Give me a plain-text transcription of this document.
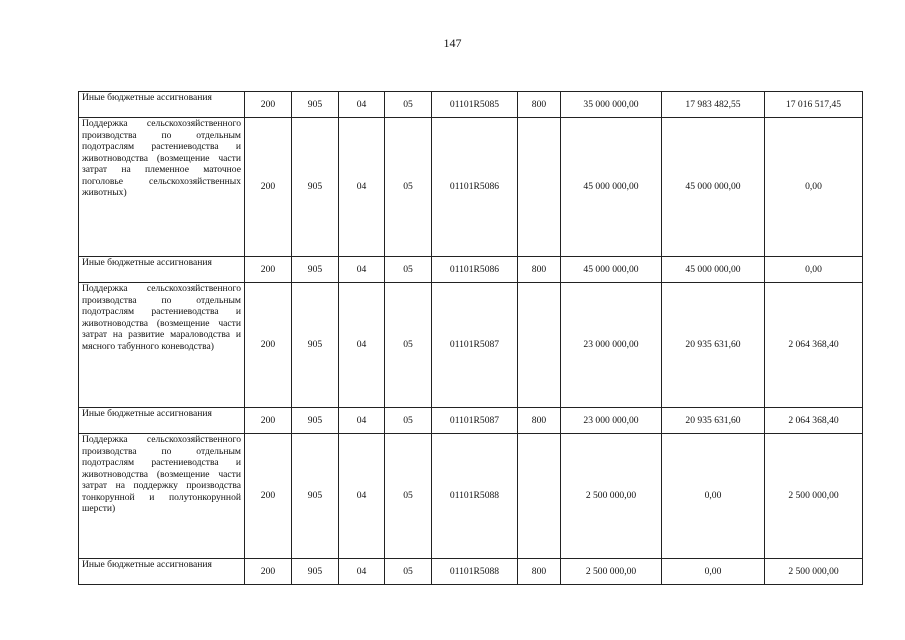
147
Иные бюджетные ассигнования	200	905	04	05	01101R5085	800	35 000 000,00	17 983 482,55	17 016 517,45
Поддержка сельскохозяйственного производства по отдельным подотраслям растениеводства и животноводства (возмещение части затрат на племенное маточное поголовье сельскохозяйственных животных)	200	905	04	05	01101R5086		45 000 000,00	45 000 000,00	0,00
Иные бюджетные ассигнования	200	905	04	05	01101R5086	800	45 000 000,00	45 000 000,00	0,00
Поддержка сельскохозяйственного производства по отдельным подотраслям растениеводства и животноводства (возмещение части затрат на развитие мараловодства и мясного табунного коневодства)	200	905	04	05	01101R5087		23 000 000,00	20 935 631,60	2 064 368,40
Иные бюджетные ассигнования	200	905	04	05	01101R5087	800	23 000 000,00	20 935 631,60	2 064 368,40
Поддержка сельскохозяйственного производства по отдельным подотраслям растениеводства и животноводства (возмещение части затрат на поддержку производства тонкорунной и полутонкорунной шерсти)	200	905	04	05	01101R5088		2 500 000,00	0,00	2 500 000,00
Иные бюджетные ассигнования	200	905	04	05	01101R5088	800	2 500 000,00	0,00	2 500 000,00
